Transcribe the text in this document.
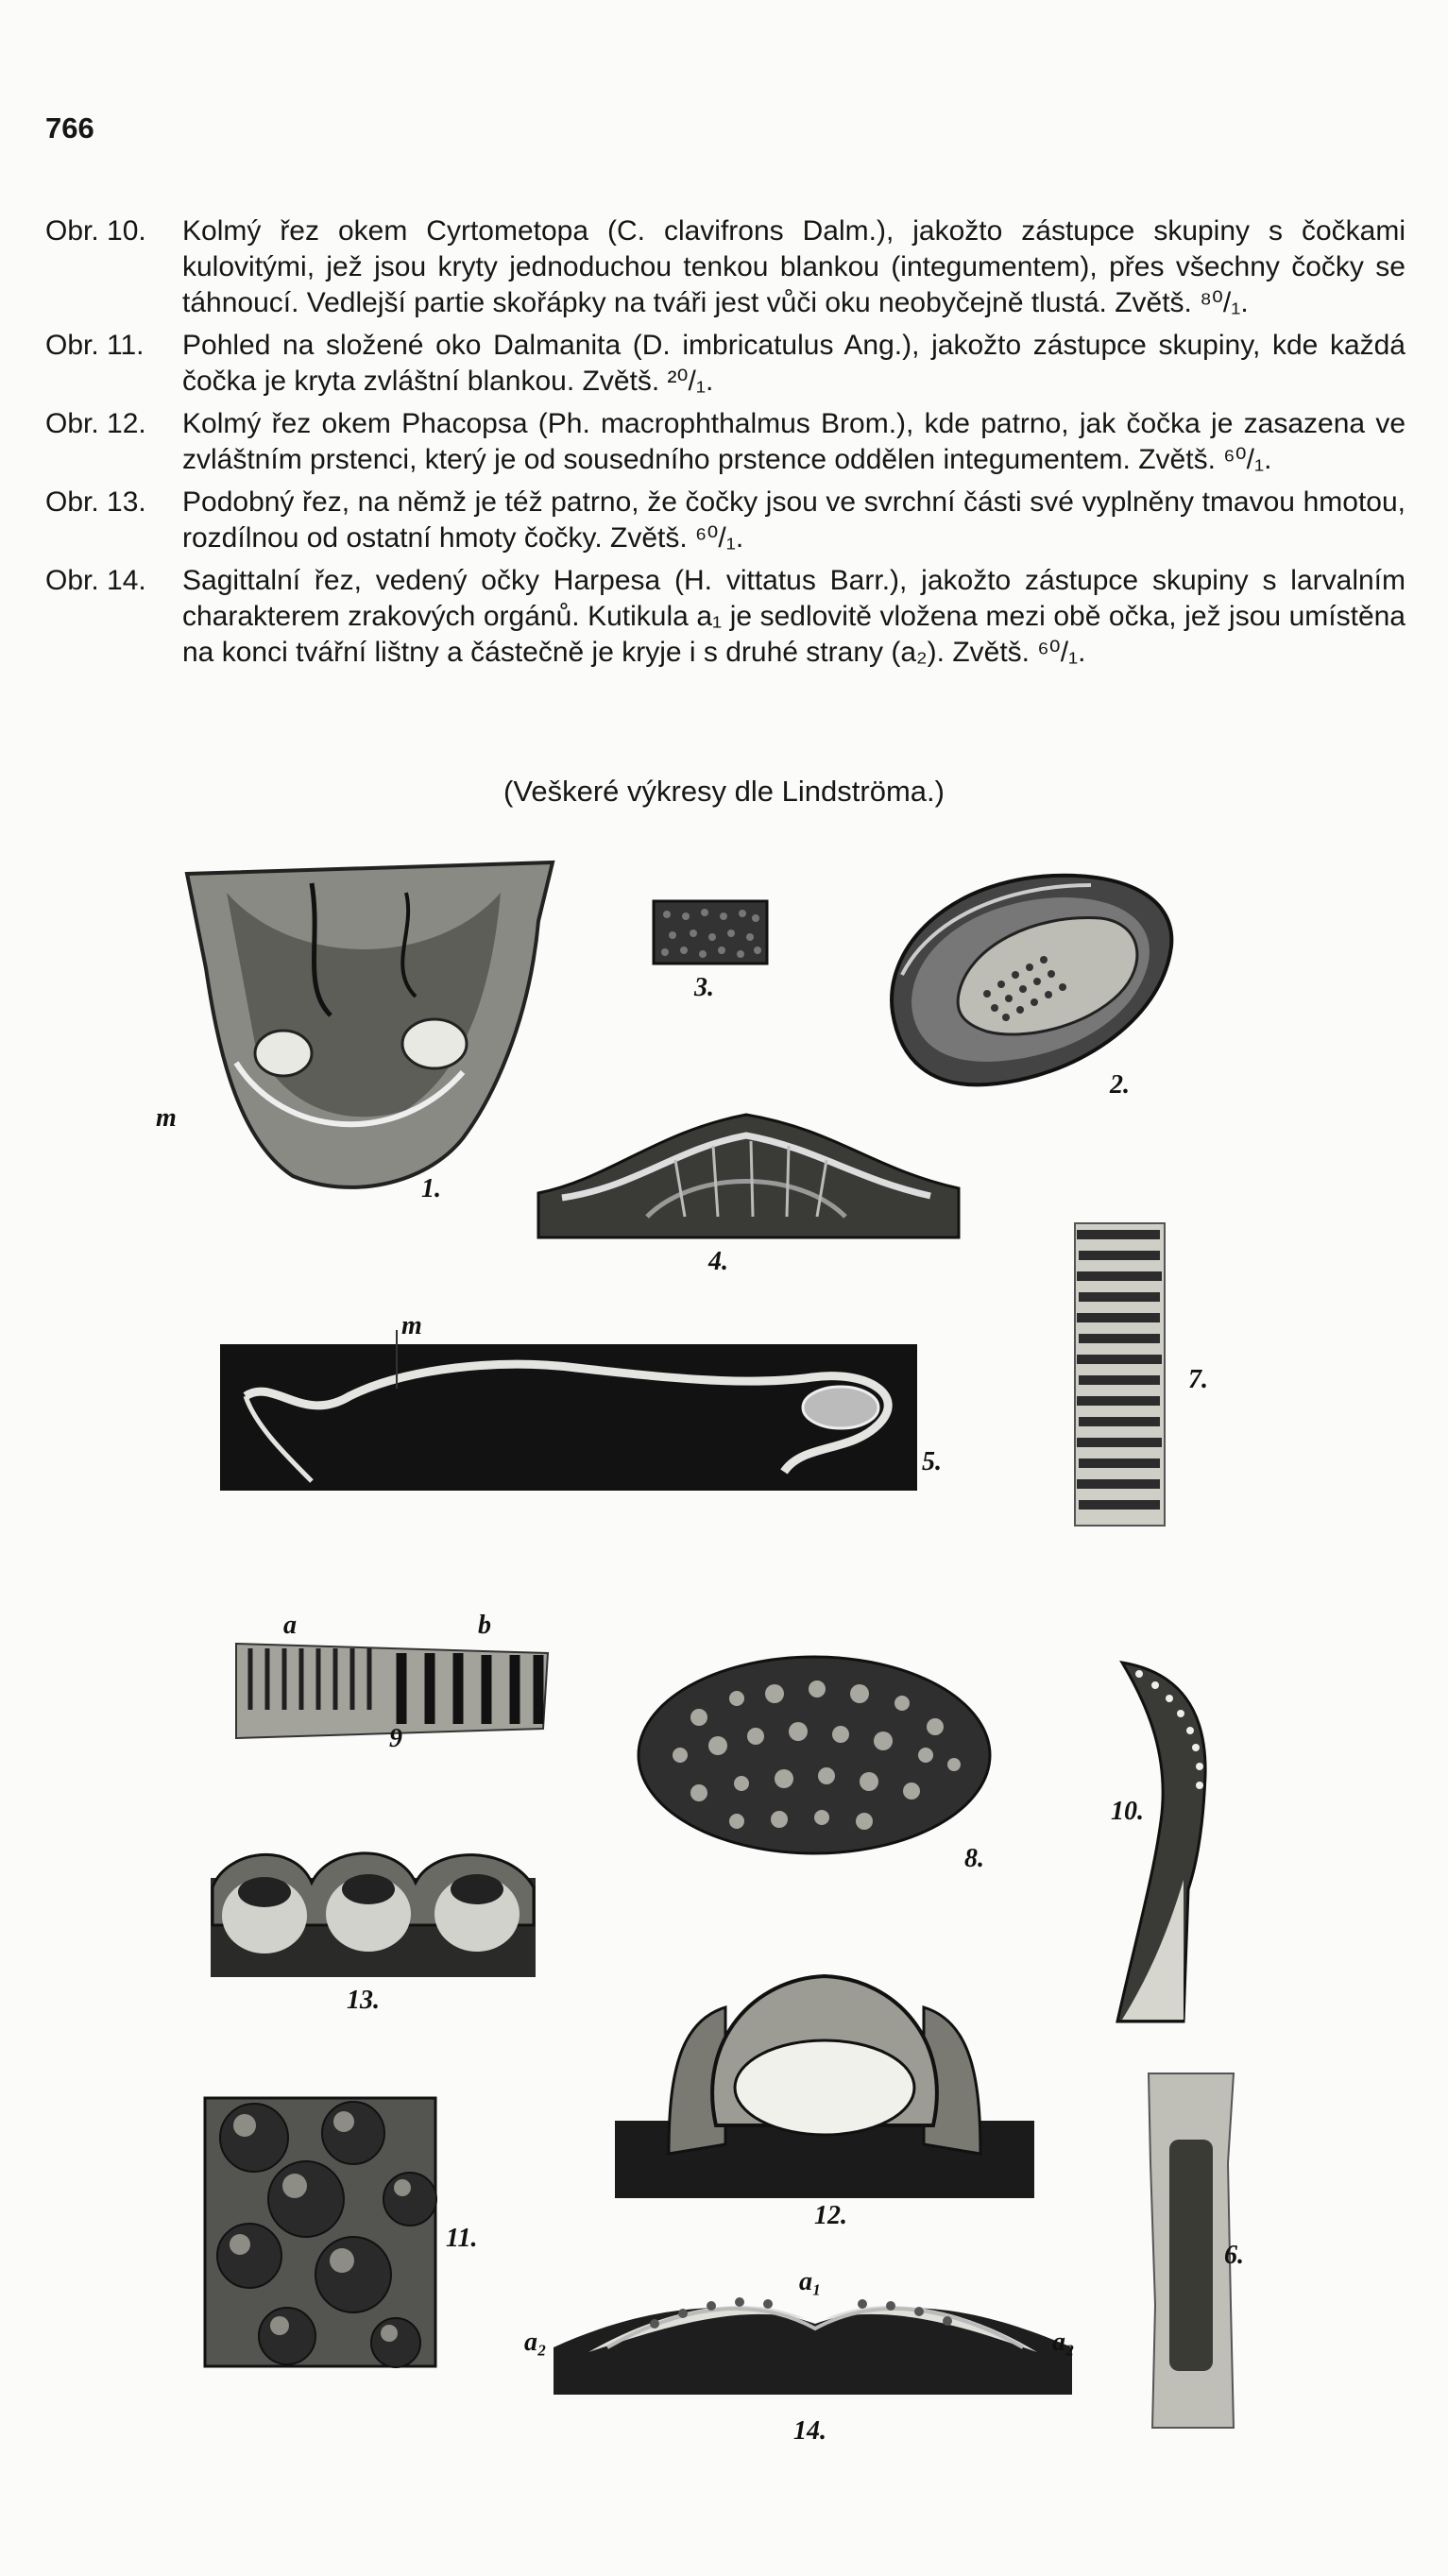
766
Obr. 10.	Kolmý řez okem Cyrtometopa (C. clavifrons Dalm.), jakožto zástupce skupiny s čočkami kulovitými, jež jsou kryty jednoduchou tenkou blankou (integumentem), přes všechny čočky se táhnoucí. Vedlejší partie skořápky na tváři jest vůči oku neobyčejně tlustá. Zvětš. ⁸⁰/₁.
Obr. 11.	Pohled na složené oko Dalmanita (D. imbricatulus Ang.), jakožto zástupce skupiny, kde každá čočka je kryta zvláštní blankou. Zvětš. ²⁰/₁.
Obr. 12.	Kolmý řez okem Phacopsa (Ph. macrophthalmus Brom.), kde patrno, jak čočka je zasazena ve zvláštním prstenci, který je od sousedního prstence oddělen integumentem. Zvětš. ⁶⁰/₁.
Obr. 13.	Podobný řez, na němž je též patrno, že čočky jsou ve svrchní části své vyplněny tmavou hmotou, rozdílnou od ostatní hmoty čočky. Zvětš. ⁶⁰/₁.
Obr. 14.	Sagittalní řez, vedený očky Harpesa (H. vittatus Barr.), jakožto zástupce skupiny s larvalním charakterem zrakových orgánů. Kutikula a₁ je sedlovitě vložena mezi obě očka, jež jsou umístěna na konci tvářní lištny a částečně je kryje i s druhé strany (a₂). Zvětš. ⁶⁰/₁.
(Veškeré výkresy dle Lindströma.)
m
1.
3.
2.
4.
7.
m
5.
a	b
9
8.
10.
13.
12.
11.
6.
a₁
a₂	a₂
14.
